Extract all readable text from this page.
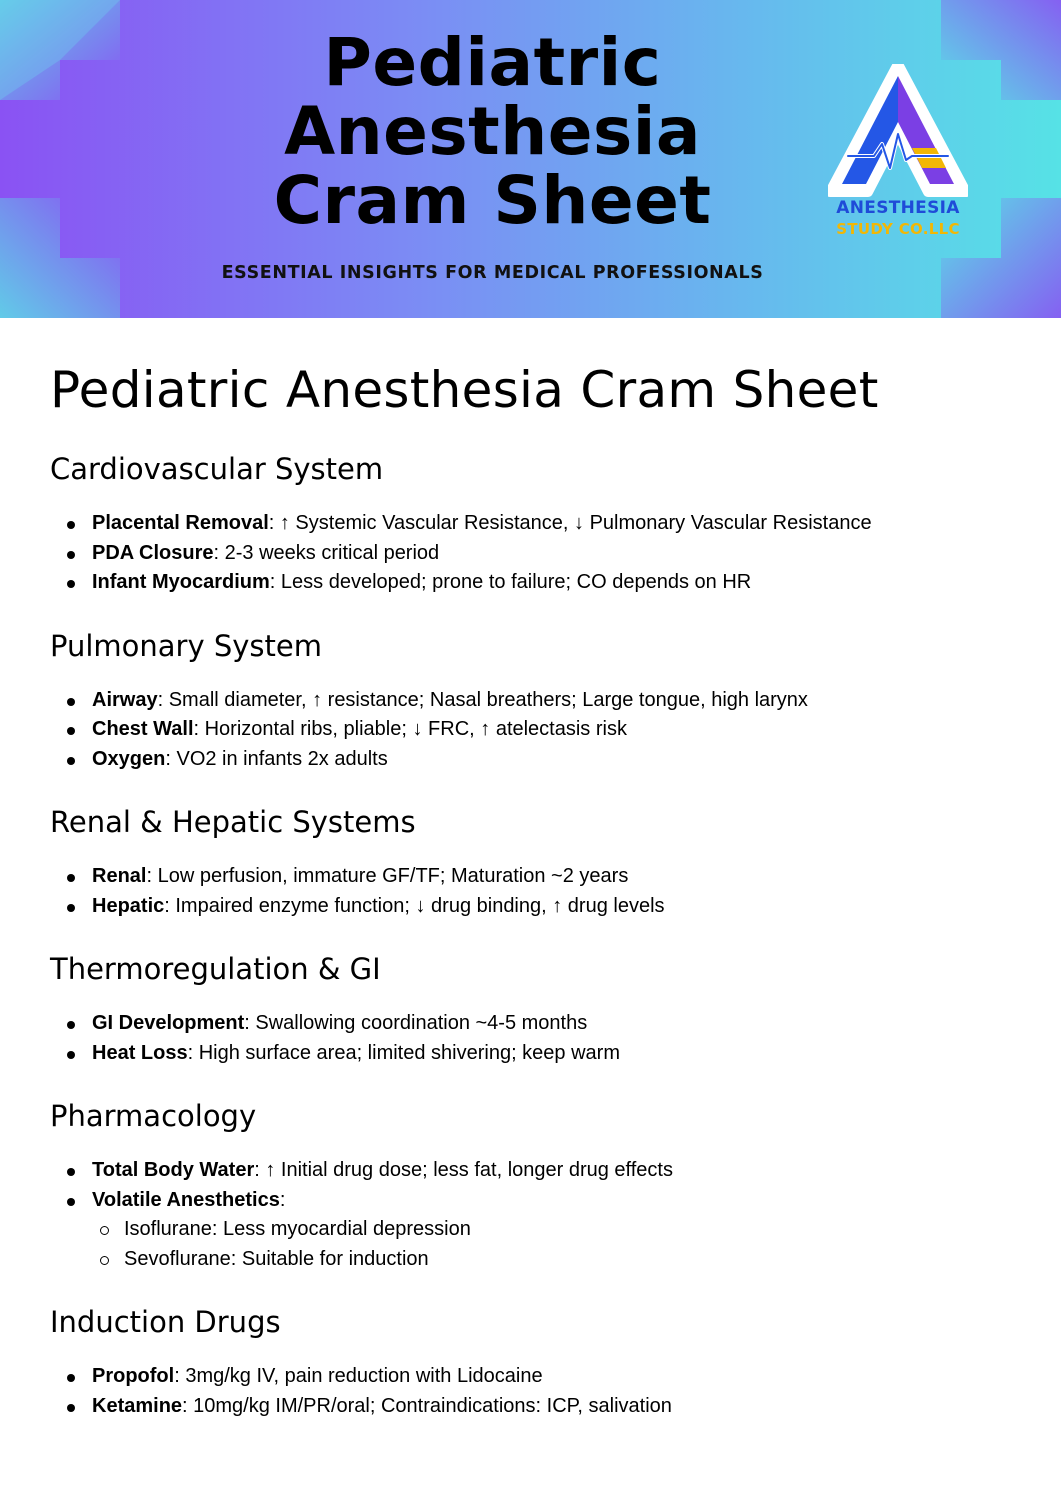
Pediatric
Anesthesia
Cram Sheet
ESSENTIAL INSIGHTS FOR MEDICAL PROFESSIONALS
ANESTHESIA
STUDY CO.LLC
Pediatric Anesthesia Cram Sheet
Cardiovascular System
Placental Removal: ↑ Systemic Vascular Resistance, ↓ Pulmonary Vascular Resistance
PDA Closure: 2-3 weeks critical period
Infant Myocardium: Less developed; prone to failure; CO depends on HR
Pulmonary System
Airway: Small diameter, ↑ resistance; Nasal breathers; Large tongue, high larynx
Chest Wall: Horizontal ribs, pliable; ↓ FRC, ↑ atelectasis risk
Oxygen: VO2 in infants 2x adults
Renal & Hepatic Systems
Renal: Low perfusion, immature GF/TF; Maturation ~2 years
Hepatic: Impaired enzyme function; ↓ drug binding, ↑ drug levels
Thermoregulation & GI
GI Development: Swallowing coordination ~4-5 months
Heat Loss: High surface area; limited shivering; keep warm
Pharmacology
Total Body Water: ↑ Initial drug dose; less fat, longer drug effects
Volatile Anesthetics:
Isoflurane: Less myocardial depression
Sevoflurane: Suitable for induction
Induction Drugs
Propofol: 3mg/kg IV, pain reduction with Lidocaine
Ketamine: 10mg/kg IM/PR/oral; Contraindications: ICP, salivation
